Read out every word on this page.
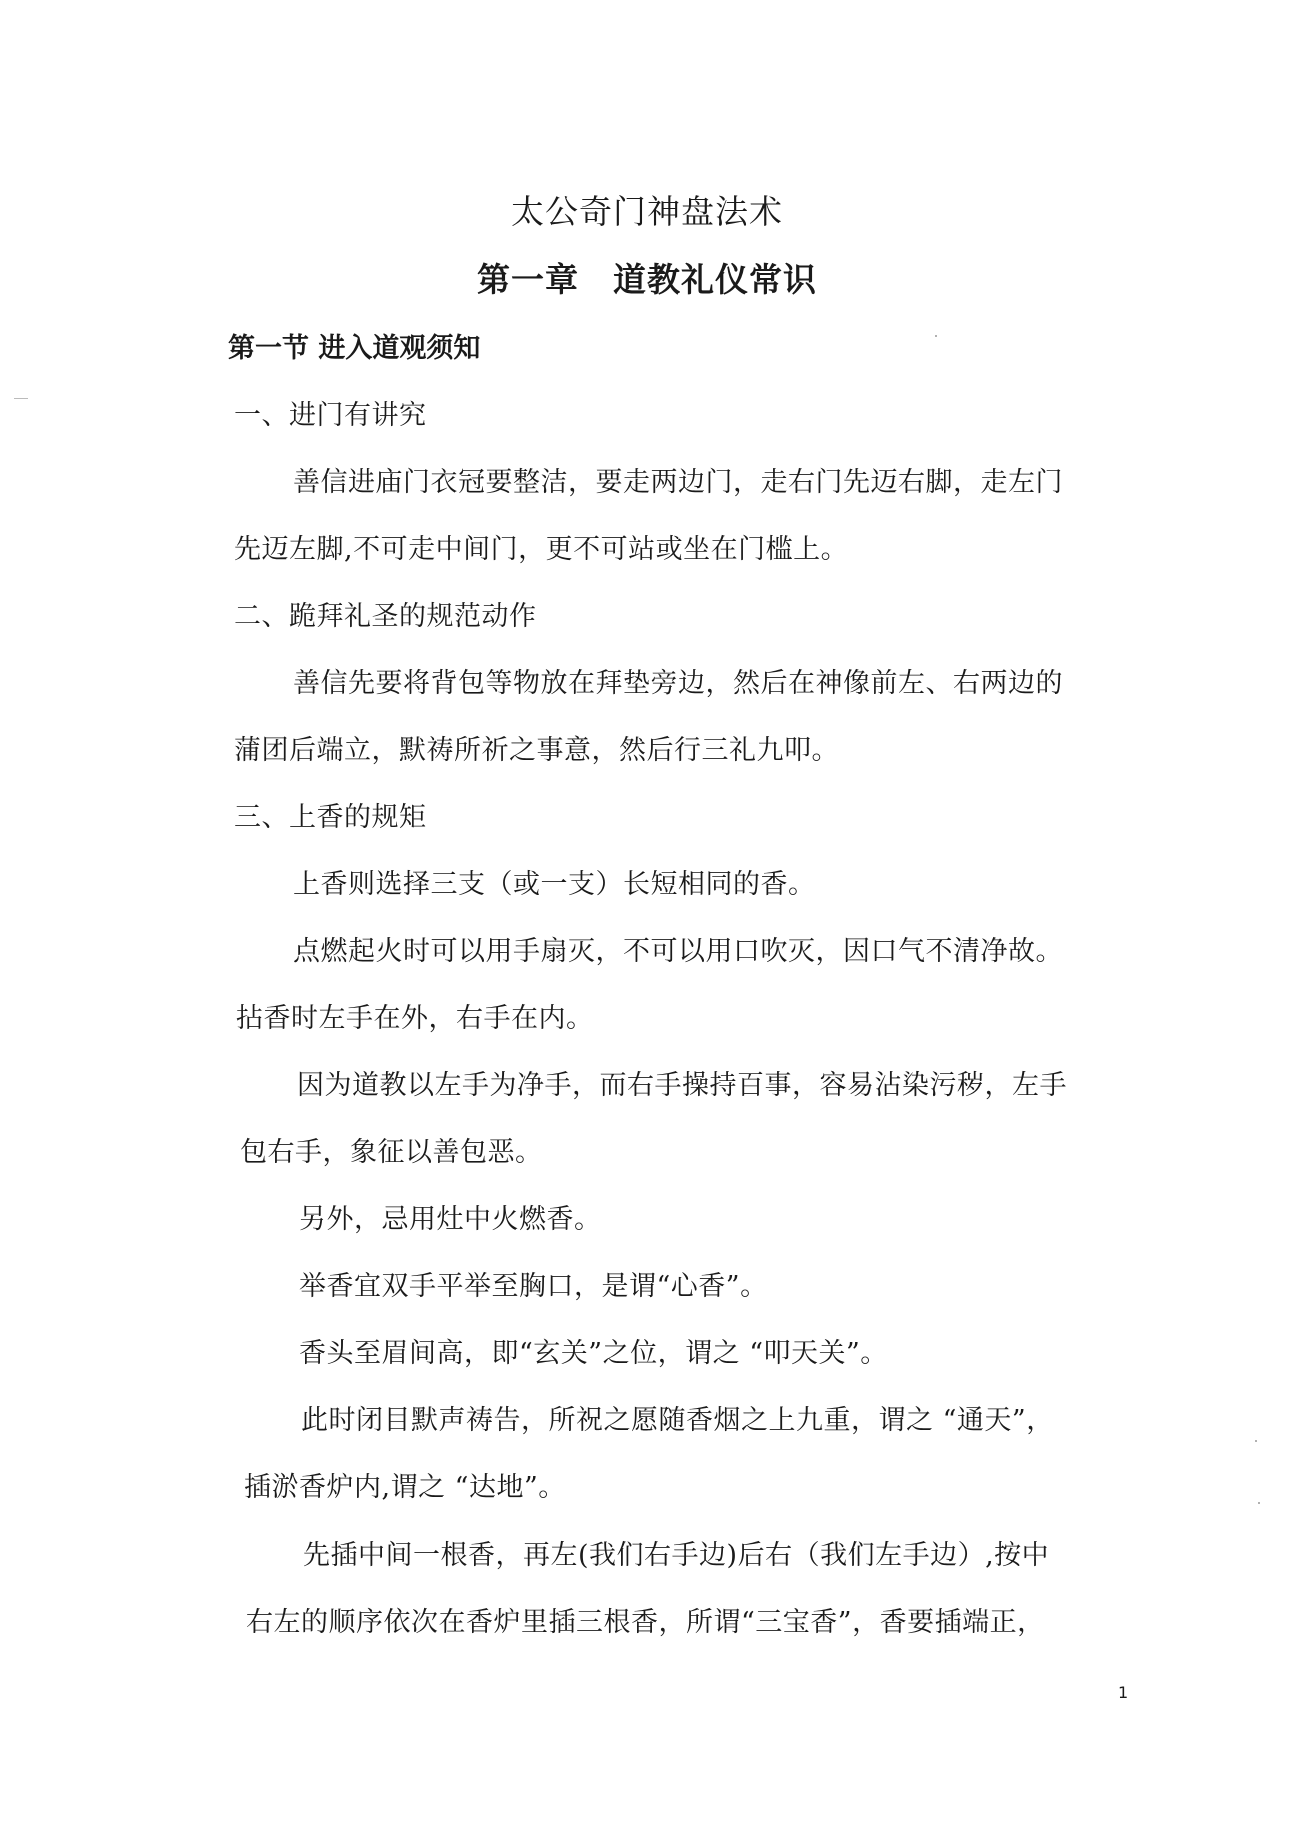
太公奇门神盘法术
第一章　道教礼仪常识
第一节 进入道观须知
一、进门有讲究
善信进庙门衣冠要整洁，要走两边门，走右门先迈右脚，走左门
先迈左脚,不可走中间门，更不可站或坐在门槛上。
二、跪拜礼圣的规范动作
善信先要将背包等物放在拜垫旁边，然后在神像前左、右两边的
蒲团后端立，默祷所祈之事意，然后行三礼九叩。
三、上香的规矩
上香则选择三支（或一支）长短相同的香。
点燃起火时可以用手扇灭，不可以用口吹灭，因口气不清净故。
拈香时左手在外，右手在内。
因为道教以左手为净手，而右手操持百事，容易沾染污秽，左手
包右手，象征以善包恶。
另外，忌用灶中火燃香。
举香宜双手平举至胸口，是谓“心香”。
香头至眉间高，即“玄关”之位，谓之 “叩天关”。
此时闭目默声祷告，所祝之愿随香烟之上九重，谓之 “通天”，
插淤香炉内,谓之 “达地”。
先插中间一根香，再左(我们右手边)后右（我们左手边）,按中
右左的顺序依次在香炉里插三根香，所谓“三宝香”，香要插端正，
1
